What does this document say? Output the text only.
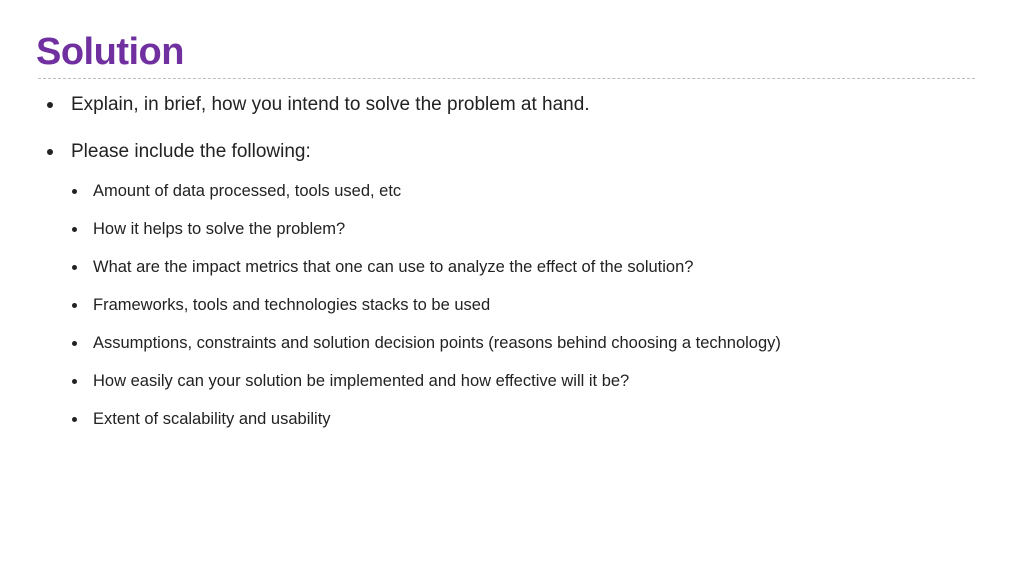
Solution
Explain, in brief, how you intend to solve the problem at hand.
Please include the following:
Amount of data processed, tools used, etc
How it helps to solve the problem?
What are the impact metrics that one can use to analyze the effect of the solution?
Frameworks, tools and technologies stacks to be used
Assumptions, constraints and solution decision points (reasons behind choosing a technology)
How easily can your solution be implemented and how effective will it be?
Extent of scalability and usability
